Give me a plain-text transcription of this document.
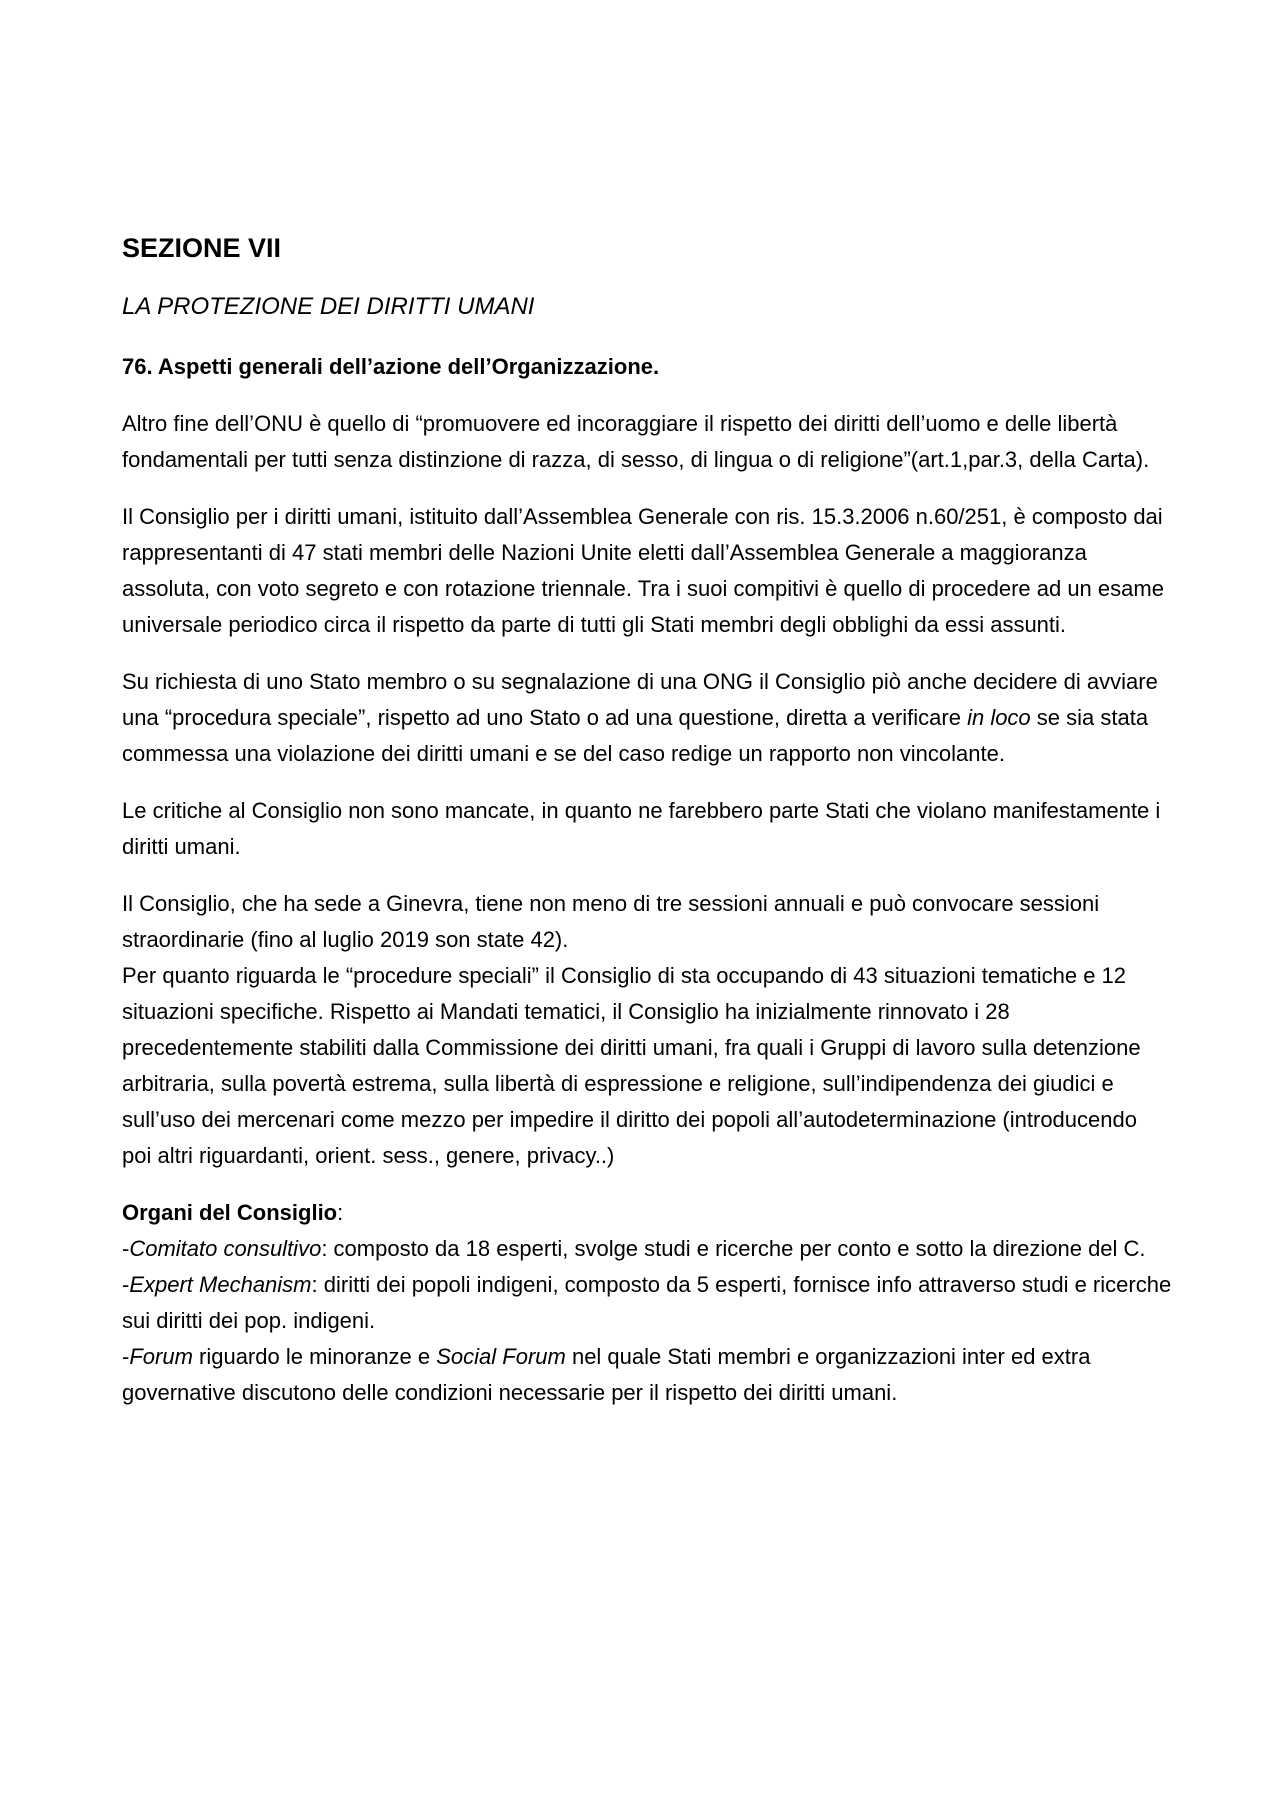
SEZIONE VII
LA PROTEZIONE DEI DIRITTI UMANI
76. Aspetti generali dell’azione dell’Organizzazione.

Altro fine dell’ONU è quello di “promuovere ed incoraggiare il rispetto dei diritti dell’uomo e delle libertà fondamentali per tutti senza distinzione di razza, di sesso, di lingua o di religione”(art.1,par.3, della Carta).

Il Consiglio per i diritti umani, istituito dall’Assemblea Generale con ris. 15.3.2006 n.60/251, è composto dai rappresentanti di 47 stati membri delle Nazioni Unite eletti dall’Assemblea Generale a maggioranza assoluta, con voto segreto e con rotazione triennale. Tra i suoi compitivi è quello di procedere ad un esame universale periodico circa il rispetto da parte di tutti gli Stati membri degli obblighi da essi assunti.

Su richiesta di uno Stato membro o su segnalazione di una ONG il Consiglio piò anche decidere di avviare una “procedura speciale”, rispetto ad uno Stato o ad una questione, diretta a verificare in loco se sia stata commessa una violazione dei diritti umani e se del caso redige un rapporto non vincolante.

Le critiche al Consiglio non sono mancate, in quanto ne farebbero parte Stati che violano manifestamente i diritti umani.

Il Consiglio, che ha sede a Ginevra, tiene non meno di tre sessioni annuali e può convocare sessioni straordinarie (fino al luglio 2019 son state 42).
Per quanto riguarda le “procedure speciali” il Consiglio di sta occupando di 43 situazioni tematiche e 12 situazioni specifiche. Rispetto ai Mandati tematici, il Consiglio ha inizialmente rinnovato i 28 precedentemente stabiliti dalla Commissione dei diritti umani, fra quali i Gruppi di lavoro sulla detenzione arbitraria, sulla povertà estrema, sulla libertà di espressione e religione, sull’indipendenza dei giudici e sull’uso dei mercenari come mezzo per impedire il diritto dei popoli all’autodeterminazione (introducendo poi altri riguardanti, orient. sess., genere, privacy..)

Organi del Consiglio:
-Comitato consultivo: composto da 18 esperti, svolge studi e ricerche per conto e sotto la direzione del C.
-Expert Mechanism: diritti dei popoli indigeni, composto da 5 esperti, fornisce info attraverso studi e ricerche sui diritti dei pop. indigeni.
-Forum riguardo le minoranze e Social Forum nel quale Stati membri e organizzazioni inter ed extra governative discutono delle condizioni necessarie per il rispetto dei diritti umani.
